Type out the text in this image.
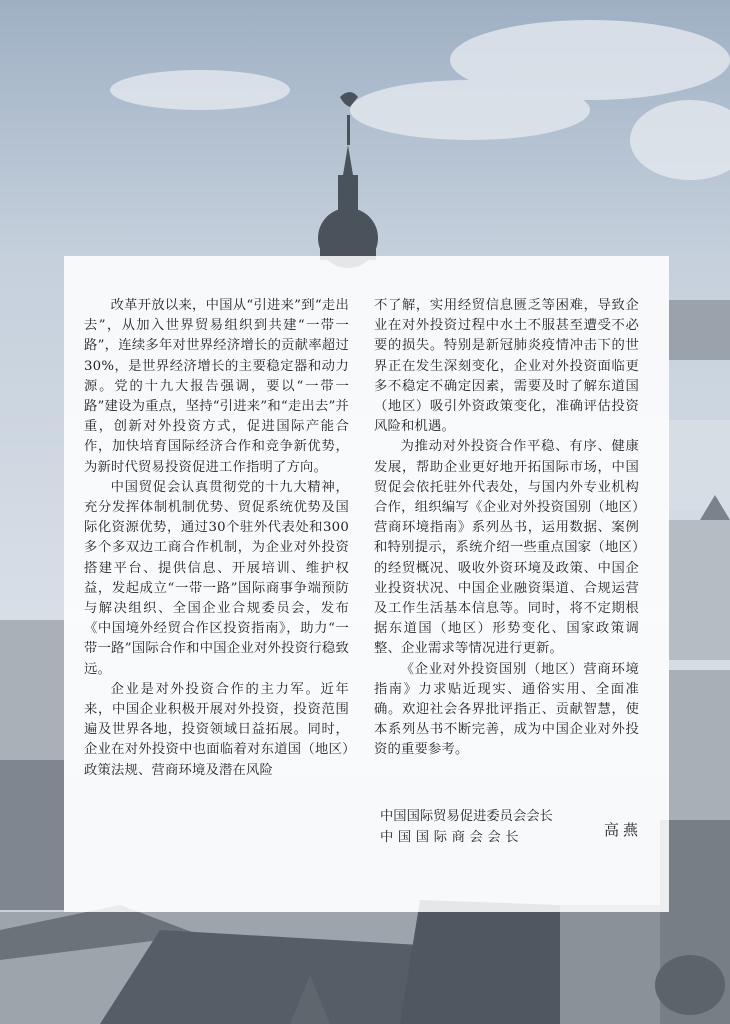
改革开放以来，中国从“引进来”到“走出去”，从加入世界贸易组织到共建“一带一路”，连续多年对世界经济增长的贡献率超过30%，是世界经济增长的主要稳定器和动力源。党的十九大报告强调，要以“一带一路”建设为重点，坚持“引进来”和“走出去”并重，创新对外投资方式，促进国际产能合作，加快培育国际经济合作和竞争新优势，为新时代贸易投资促进工作指明了方向。

中国贸促会认真贯彻党的十九大精神，充分发挥体制机制优势、贸促系统优势及国际化资源优势，通过30个驻外代表处和300多个多双边工商合作机制，为企业对外投资搭建平台、提供信息、开展培训、维护权益，发起成立“一带一路”国际商事争端预防与解决组织、全国企业合规委员会，发布《中国境外经贸合作区投资指南》，助力“一带一路”国际合作和中国企业对外投资行稳致远。

企业是对外投资合作的主力军。近年来，中国企业积极开展对外投资，投资范围遍及世界各地，投资领域日益拓展。同时，企业在对外投资中也面临着对东道国（地区）政策法规、营商环境及潜在风险

不了解，实用经贸信息匮乏等困难，导致企业在对外投资过程中水土不服甚至遭受不必要的损失。特别是新冠肺炎疫情冲击下的世界正在发生深刻变化，企业对外投资面临更多不稳定不确定因素，需要及时了解东道国（地区）吸引外资政策变化，准确评估投资风险和机遇。

为推动对外投资合作平稳、有序、健康发展，帮助企业更好地开拓国际市场，中国贸促会依托驻外代表处，与国内外专业机构合作，组织编写《企业对外投资国别（地区）营商环境指南》系列丛书，运用数据、案例和特别提示，系统介绍一些重点国家（地区）的经贸概况、吸收外资环境及政策、中国企业投资状况、中国企业融资渠道、合规运营及工作生活基本信息等。同时，将不定期根据东道国（地区）形势变化、国家政策调整、企业需求等情况进行更新。

《企业对外投资国别（地区）营商环境指南》力求贴近现实、通俗实用、全面准确。欢迎社会各界批评指正、贡献智慧，使本系列丛书不断完善，成为中国企业对外投资的重要参考。

中国国际贸易促进委员会会长
中国国际商会会长	高燕
